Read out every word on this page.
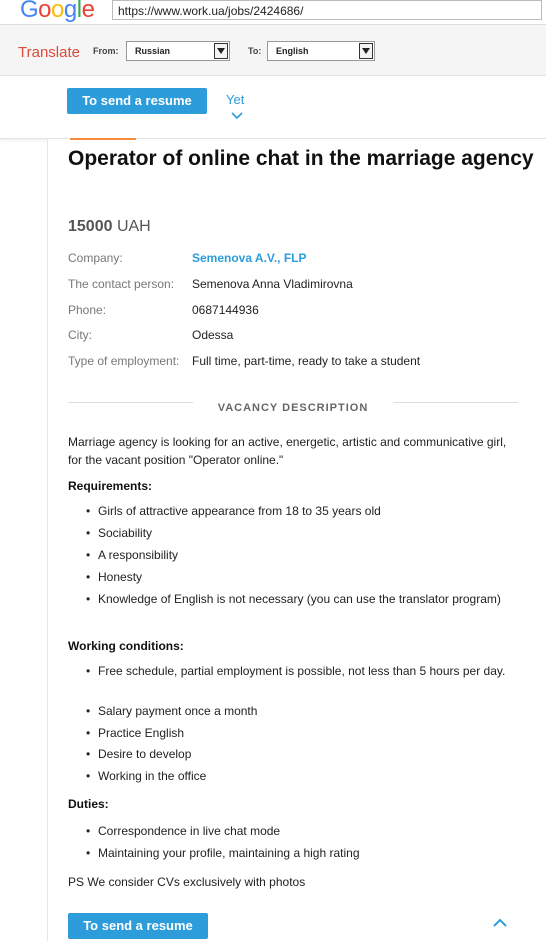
Google	https://www.work.ua/jobs/2424686/
Translate From:	Russian	To:	English
To send a resume	Yet
Operator of online chat in the marriage agency
15000 UAH
Company:	Semenova A.V., FLP
The contact person: Semenova Anna Vladimirovna
Phone:	0687144936
City:	Odessa
Type of employment: Full time, part-time, ready to take a student
VACANCY DESCRIPTION
Marriage agency is looking for an active, energetic, artistic and communicative girl, for the vacant position "Operator online."
Requirements:
• Girls of attractive appearance from 18 to 35 years old
• Sociability
• A responsibility
• Honesty
• Knowledge of English is not necessary (you can use the translator program)
Working conditions:
• Free schedule, partial employment is possible, not less than 5 hours per day.
• Salary payment once a month
• Practice English
• Desire to develop
• Working in the office
Duties:
• Correspondence in live chat mode
• Maintaining your profile, maintaining a high rating
PS We consider CVs exclusively with photos
To send a resume
